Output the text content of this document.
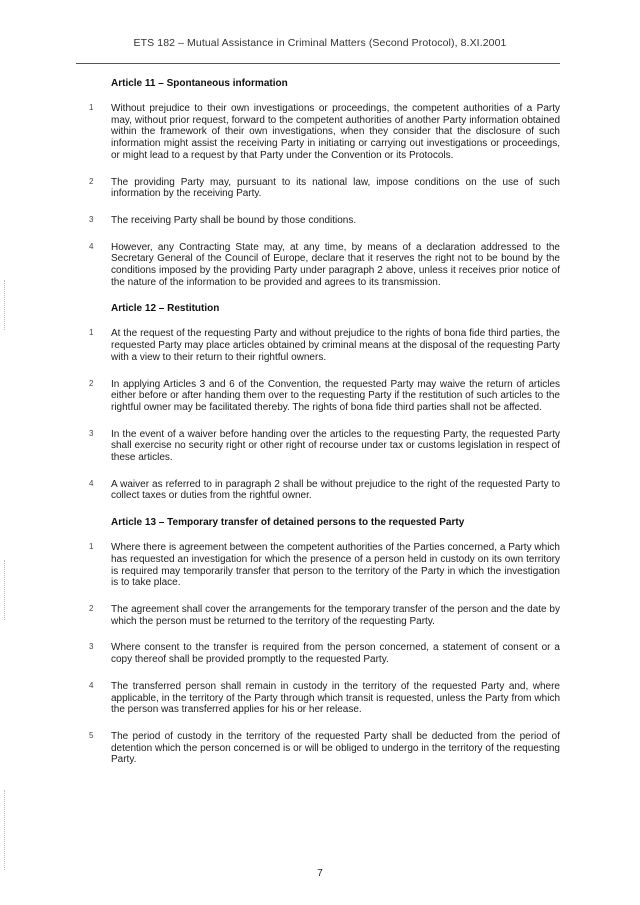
ETS 182 – Mutual Assistance in Criminal Matters (Second Protocol), 8.XI.2001
Article 11 – Spontaneous information
1 Without prejudice to their own investigations or proceedings, the competent authorities of a Party may, without prior request, forward to the competent authorities of another Party information obtained within the framework of their own investigations, when they consider that the disclosure of such information might assist the receiving Party in initiating or carrying out investigations or proceedings, or might lead to a request by that Party under the Convention or its Protocols.
2 The providing Party may, pursuant to its national law, impose conditions on the use of such information by the receiving Party.
3 The receiving Party shall be bound by those conditions.
4 However, any Contracting State may, at any time, by means of a declaration addressed to the Secretary General of the Council of Europe, declare that it reserves the right not to be bound by the conditions imposed by the providing Party under paragraph 2 above, unless it receives prior notice of the nature of the information to be provided and agrees to its transmission.
Article 12 – Restitution
1 At the request of the requesting Party and without prejudice to the rights of bona fide third parties, the requested Party may place articles obtained by criminal means at the disposal of the requesting Party with a view to their return to their rightful owners.
2 In applying Articles 3 and 6 of the Convention, the requested Party may waive the return of articles either before or after handing them over to the requesting Party if the restitution of such articles to the rightful owner may be facilitated thereby. The rights of bona fide third parties shall not be affected.
3 In the event of a waiver before handing over the articles to the requesting Party, the requested Party shall exercise no security right or other right of recourse under tax or customs legislation in respect of these articles.
4 A waiver as referred to in paragraph 2 shall be without prejudice to the right of the requested Party to collect taxes or duties from the rightful owner.
Article 13 – Temporary transfer of detained persons to the requested Party
1 Where there is agreement between the competent authorities of the Parties concerned, a Party which has requested an investigation for which the presence of a person held in custody on its own territory is required may temporarily transfer that person to the territory of the Party in which the investigation is to take place.
2 The agreement shall cover the arrangements for the temporary transfer of the person and the date by which the person must be returned to the territory of the requesting Party.
3 Where consent to the transfer is required from the person concerned, a statement of consent or a copy thereof shall be provided promptly to the requested Party.
4 The transferred person shall remain in custody in the territory of the requested Party and, where applicable, in the territory of the Party through which transit is requested, unless the Party from which the person was transferred applies for his or her release.
5 The period of custody in the territory of the requested Party shall be deducted from the period of detention which the person concerned is or will be obliged to undergo in the territory of the requesting Party.
7
